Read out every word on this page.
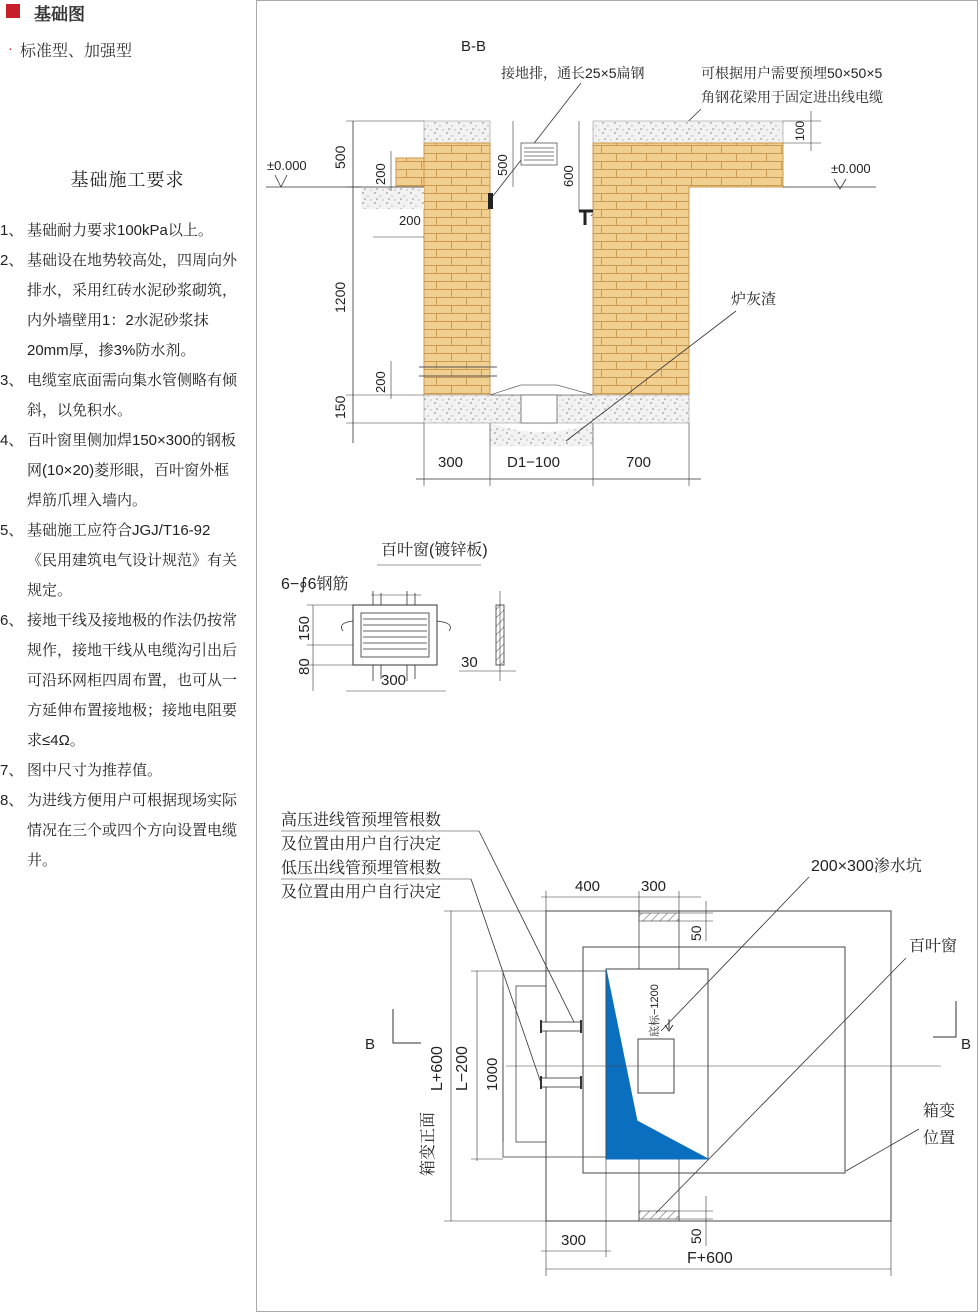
基础图
· 标准型、加强型
基础施工要求
1、 基础耐力要求100kPa以上。
2、 基础设在地势较高处，四周向外排水，采用红砖水泥砂浆砌筑，内外墙壁用1：2水泥砂浆抹20mm厚，掺3%防水剂。
3、 电缆室底面需向集水管侧略有倾斜，以免积水。
4、 百叶窗里侧加焊150×300的钢板网(10×20)菱形眼，百叶窗外框焊筋爪埋入墙内。
5、 基础施工应符合JGJ/T16-92《民用建筑电气设计规范》有关规定。
6、 接地干线及接地极的作法仍按常规作，接地干线从电缆沟引出后可沿环网柜四周布置，也可从一方延伸布置接地极；接地电阻要求≤4Ω。
7、 图中尺寸为推荐值。
8、 为进线方便用户可根据现场实际情况在三个或四个方向设置电缆井。
B-B
接地排，通长25×5扁钢	可根据用户需要预埋50×50×5
角钢花梁用于固定进出线电缆
±0.000	±0.000
500
1200
150
200
200
200
500
600
100
炉灰渣
300	D1−100	700
百叶窗(镀锌板)
6−∮6钢筋
150
80
300
30
高压进线管预埋管根数
及位置由用户自行决定
低压出线管预埋管根数
及位置由用户自行决定
200×300渗水坑
百叶窗
箱变
位置
底标−1200
B	B
L+600 L−200 1000
箱变正面
400	300
50
50
300
F+600
